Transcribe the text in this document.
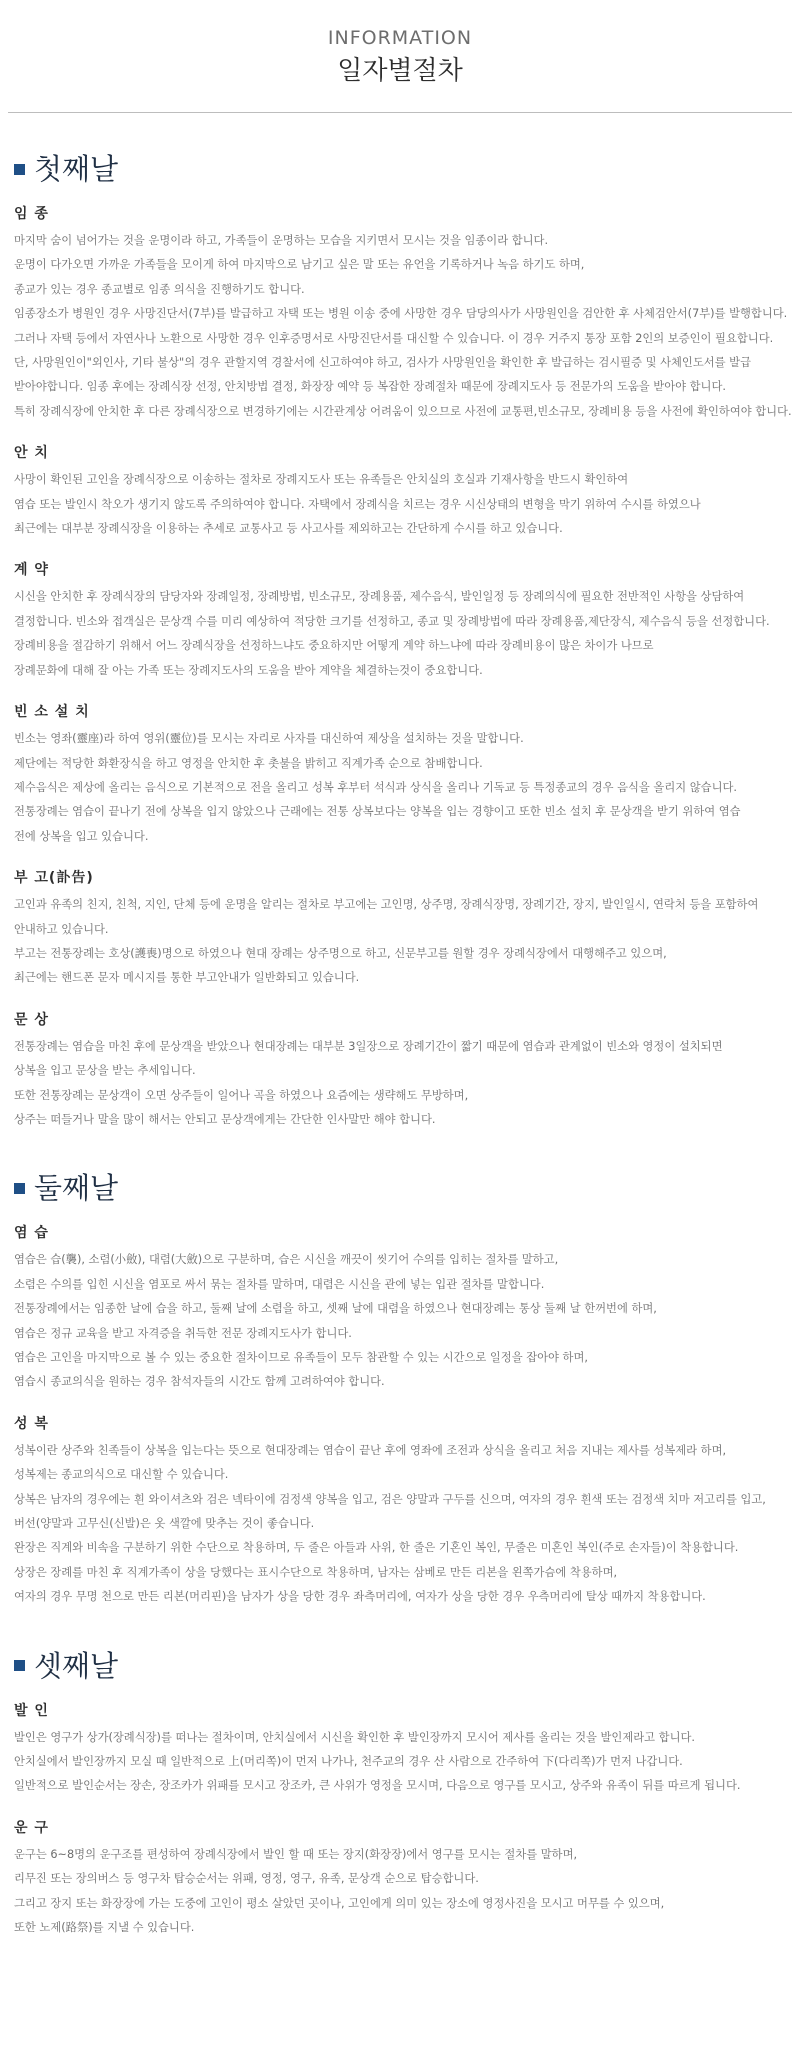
INFORMATION
일자별절차
첫째날
임 종
마지막 숨이 넘어가는 것을 운명이라 하고, 가족들이 운명하는 모습을 지키면서 모시는 것을 임종이라 합니다.
운명이 다가오면 가까운 가족들을 모이게 하여 마지막으로 남기고 싶은 말 또는 유언을 기록하거나 녹음 하기도 하며,
종교가 있는 경우 종교별로 임종 의식을 진행하기도 합니다.
임종장소가 병원인 경우 사망진단서(7부)를 발급하고 자택 또는 병원 이송 중에 사망한 경우 담당의사가 사망원인을 검안한 후 사체검안서(7부)를 발행합니다.
그러나 자택 등에서 자연사나 노환으로 사망한 경우 인후증명서로 사망진단서를 대신할 수 있습니다. 이 경우 거주지 통장 포함 2인의 보증인이 필요합니다.
단, 사망원인이"외인사, 기타 불상"의 경우 관할지역 경찰서에 신고하여야 하고, 검사가 사망원인을 확인한 후 발급하는 검시필증 및 사체인도서를 발급
받아야합니다. 임종 후에는 장례식장 선정, 안치방법 결정, 화장장 예약 등 복잡한 장례절차 때문에 장례지도사 등 전문가의 도움을 받아야 합니다.
특히 장례식장에 안치한 후 다른 장례식장으로 변경하기에는 시간관계상 어려움이 있으므로 사전에 교통편,빈소규모, 장례비용 등을 사전에 확인하여야 합니다.
안 치
사망이 확인된 고인을 장례식장으로 이송하는 절차로 장례지도사 또는 유족들은 안치실의 호실과 기재사항을 반드시 확인하여
염습 또는 발인시 착오가 생기지 않도록 주의하여야 합니다. 자택에서 장례식을 치르는 경우 시신상태의 변형을 막기 위하여 수시를 하였으나
최근에는 대부분 장례식장을 이용하는 추세로 교통사고 등 사고사를 제외하고는 간단하게 수시를 하고 있습니다.
계 약
시신을 안치한 후 장례식장의 담당자와 장례일정, 장례방법, 빈소규모, 장례용품, 제수음식, 발인일정 등 장례의식에 필요한 전반적인 사항을 상담하여
결정합니다. 빈소와 접객실은 문상객 수를 미리 예상하여 적당한 크기를 선정하고, 종교 및 장례방법에 따라 장례용품,제단장식, 제수음식 등을 선정합니다.
장례비용을 절감하기 위해서 어느 장례식장을 선정하느냐도 중요하지만 어떻게 계약 하느냐에 따라 장례비용이 많은 차이가 나므로
장례문화에 대해 잘 아는 가족 또는 장례지도사의 도움을 받아 계약을 체결하는것이 중요합니다.
빈 소 설 치
빈소는 영좌(靈座)라 하여 영위(靈位)를 모시는 자리로 사자를 대신하여 제상을 설치하는 것을 말합니다.
제단에는 적당한 화환장식을 하고 영정을 안치한 후 촛불을 밝히고 직계가족 순으로 참배합니다.
제수음식은 제상에 올리는 음식으로 기본적으로 전을 올리고 성복 후부터 석식과 상식을 올리나 기독교 등 특정종교의 경우 음식을 올리지 않습니다.
전통장례는 염습이 끝나기 전에 상복을 입지 않았으나 근래에는 전통 상복보다는 양복을 입는 경향이고 또한 빈소 설치 후 문상객을 받기 위하여 염습
전에 상복을 입고 있습니다.
부 고(訃告)
고인과 유족의 친지, 친척, 지인, 단체 등에 운명을 알리는 절차로 부고에는 고인명, 상주명, 장례식장명, 장례기간, 장지, 발인일시, 연락처 등을 포함하여
안내하고 있습니다.
부고는 전통장례는 호상(護喪)명으로 하였으나 현대 장례는 상주명으로 하고, 신문부고를 원할 경우 장례식장에서 대행해주고 있으며,
최근에는 핸드폰 문자 메시지를 통한 부고안내가 일반화되고 있습니다.
문 상
전통장례는 염습을 마친 후에 문상객을 받았으나 현대장례는 대부분 3일장으로 장례기간이 짧기 때문에 염습과 관계없이 빈소와 영정이 설치되면
상복을 입고 문상을 받는 추세입니다.
또한 전통장례는 문상객이 오면 상주들이 일어나 곡을 하였으나 요즘에는 생략해도 무방하며,
상주는 떠들거나 말을 많이 해서는 안되고 문상객에게는 간단한 인사말만 해야 합니다.
둘째날
염 습
염습은 습(襲), 소렴(小斂), 대렴(大斂)으로 구분하며, 습은 시신을 깨끗이 씻기어 수의를 입히는 절차를 말하고,
소렴은 수의를 입힌 시신을 염포로 싸서 묶는 절차를 말하며, 대렴은 시신을 관에 넣는 입관 절차를 말합니다.
전통장례에서는 임종한 날에 습을 하고, 둘째 날에 소렴을 하고, 셋째 날에 대렴을 하였으나 현대장례는 통상 둘째 날 한꺼번에 하며,
염습은 정규 교육을 받고 자격증을 취득한 전문 장례지도사가 합니다.
염습은 고인을 마지막으로 볼 수 있는 중요한 절차이므로 유족들이 모두 참관할 수 있는 시간으로 일정을 잡아야 하며,
염습시 종교의식을 원하는 경우 참석자들의 시간도 함께 고려하여야 합니다.
성 복
성복이란 상주와 친족들이 상복을 입는다는 뜻으로 현대장례는 염습이 끝난 후에 영좌에 조전과 상식을 올리고 처음 지내는 제사를 성복제라 하며,
성복제는 종교의식으로 대신할 수 있습니다.
상복은 남자의 경우에는 흰 와이셔츠와 검은 넥타이에 검정색 양복을 입고, 검은 양말과 구두를 신으며, 여자의 경우 흰색 또는 검정색 치마 저고리를 입고,
버선(양말과 고무신(신발)은 옷 색깔에 맞추는 것이 좋습니다.
완장은 직계와 비속을 구분하기 위한 수단으로 착용하며, 두 줄은 아들과 사위, 한 줄은 기혼인 복인, 무줄은 미혼인 복인(주로 손자들)이 착용합니다.
상장은 장례를 마친 후 직계가족이 상을 당했다는 표시수단으로 착용하며, 남자는 삼베로 만든 리본을 왼쪽가슴에 착용하며,
여자의 경우 무명 천으로 만든 리본(머리핀)을 남자가 상을 당한 경우 좌측머리에, 여자가 상을 당한 경우 우측머리에 탈상 때까지 착용합니다.
셋째날
발 인
발인은 영구가 상가(장례식장)를 떠나는 절차이며, 안치실에서 시신을 확인한 후 발인장까지 모시어 제사를 올리는 것을 발인제라고 합니다.
안치실에서 발인장까지 모실 때 일반적으로 上(머리쪽)이 먼저 나가나, 천주교의 경우 산 사람으로 간주하여 下(다리쪽)가 먼저 나갑니다.
일반적으로 발인순서는 장손, 장조카가 위패를 모시고 장조카, 큰 사위가 영정을 모시며, 다음으로 영구를 모시고, 상주와 유족이 뒤를 따르게 됩니다.
운 구
운구는 6~8명의 운구조를 편성하여 장례식장에서 발인 할 때 또는 장지(화장장)에서 영구를 모시는 절차를 말하며,
리무진 또는 장의버스 등 영구차 탑승순서는 위패, 영정, 영구, 유족, 문상객 순으로 탑승합니다.
그리고 장지 또는 화장장에 가는 도중에 고인이 평소 살았던 곳이나, 고인에게 의미 있는 장소에 영정사진을 모시고 머무를 수 있으며,
또한 노제(路祭)를 지낼 수 있습니다.
